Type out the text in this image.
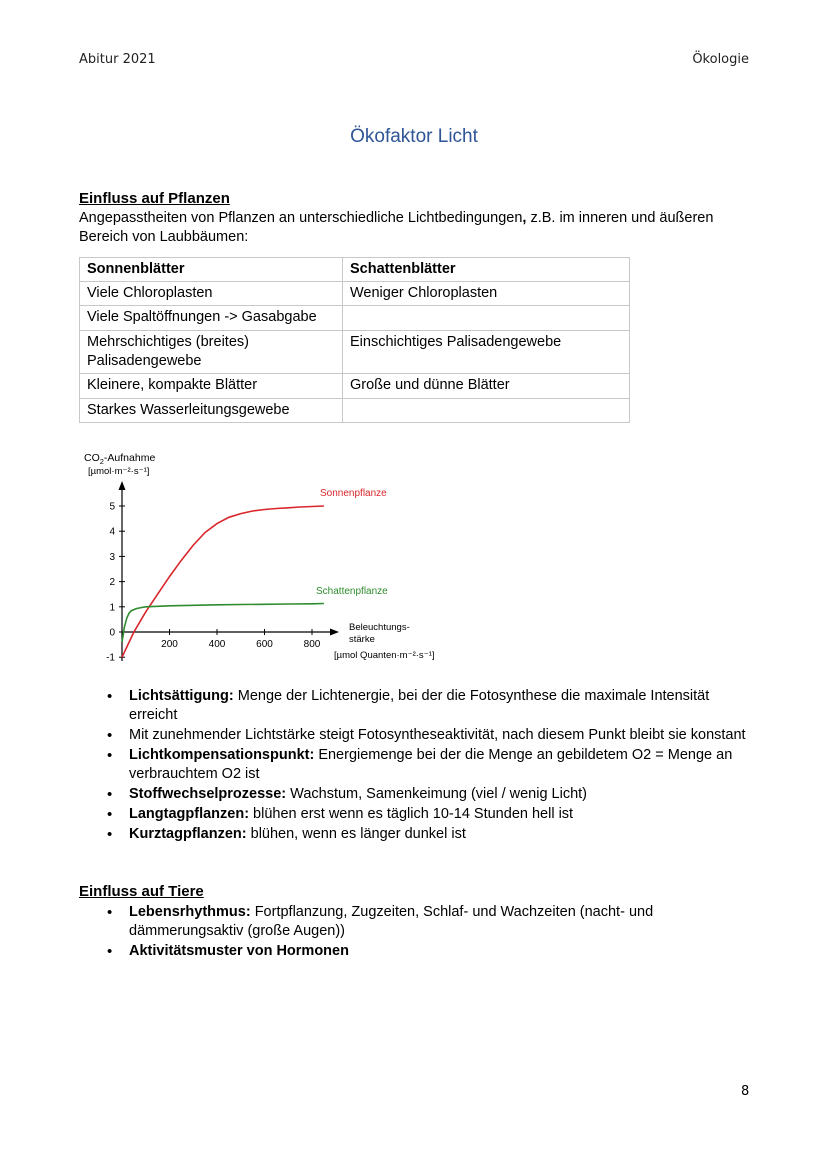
Abitur 2021	Ökologie
Ökofaktor Licht
Einfluss auf Pflanzen
Angepasstheiten von Pflanzen an unterschiedliche Lichtbedingungen, z.B. im inneren und äußeren Bereich von Laubbäumen:
Sonnenblätter	Schattenblätter
Viele Chloroplasten	Weniger Chloroplasten
Viele Spaltöffnungen -> Gasabgabe	
Mehrschichtiges (breites) Palisadengewebe	Einschichtiges Palisadengewebe
Kleinere, kompakte Blätter	Große und dünne Blätter
Starkes Wasserleitungsgewebe	
$CO_2$-Aufnahme
[µmol·m⁻²·s⁻¹]
200	400	600	800
-1
0
1
2
3
4
5
Sonnenpflanze
Schattenpflanze
Beleuchtungs-
stärke
[µmol Quanten·m⁻²·s⁻¹]
• Lichtsättigung: Menge der Lichtenergie, bei der die Fotosynthese die maximale Intensität erreicht
• Mit zunehmender Lichtstärke steigt Fotosyntheseaktivität, nach diesem Punkt bleibt sie konstant
• Lichtkompensationspunkt: Energiemenge bei der die Menge an gebildetem O2 = Menge an verbrauchtem O2 ist
• Stoffwechselprozesse: Wachstum, Samenkeimung (viel / wenig Licht)
• Langtagpflanzen: blühen erst wenn es täglich 10-14 Stunden hell ist
• Kurztagpflanzen: blühen, wenn es länger dunkel ist
Einfluss auf Tiere
• Lebensrhythmus: Fortpflanzung, Zugzeiten, Schlaf- und Wachzeiten (nacht- und dämmerungsaktiv (große Augen))
• Aktivitätsmuster von Hormonen
8
